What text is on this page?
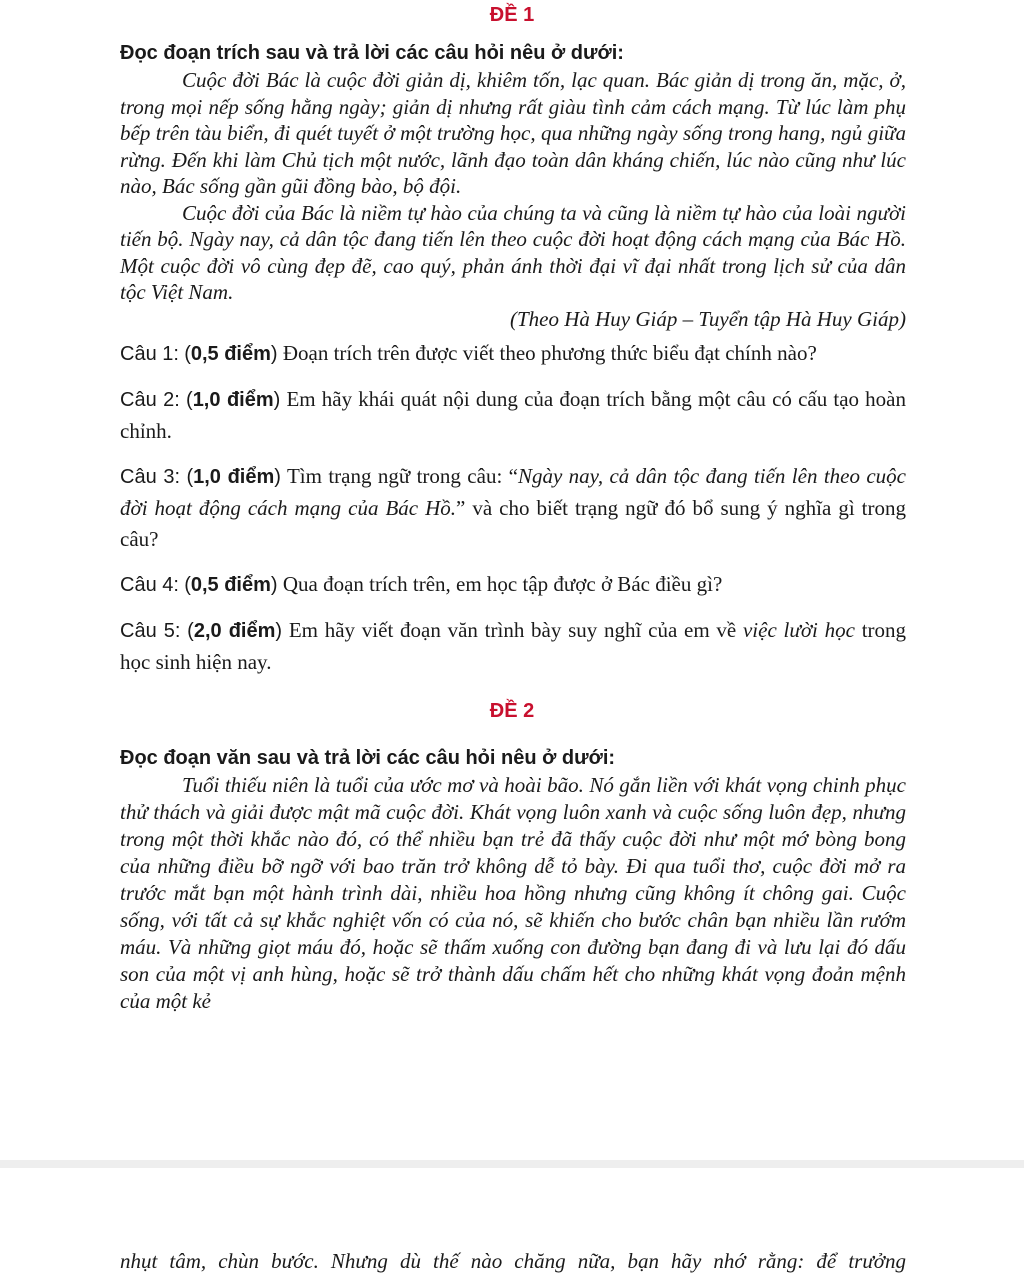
ĐỀ 1
Đọc đoạn trích sau và trả lời các câu hỏi nêu ở dưới:

Cuộc đời Bác là cuộc đời giản dị, khiêm tốn, lạc quan. Bác giản dị trong ăn, mặc, ở, trong mọi nếp sống hằng ngày; giản dị nhưng rất giàu tình cảm cách mạng. Từ lúc làm phụ bếp trên tàu biển, đi quét tuyết ở một trường học, qua những ngày sống trong hang, ngủ giữa rừng. Đến khi làm Chủ tịch một nước, lãnh đạo toàn dân kháng chiến, lúc nào cũng như lúc nào, Bác sống gần gũi đồng bào, bộ đội.

Cuộc đời của Bác là niềm tự hào của chúng ta và cũng là niềm tự hào của loài người tiến bộ. Ngày nay, cả dân tộc đang tiến lên theo cuộc đời hoạt động cách mạng của Bác Hồ. Một cuộc đời vô cùng đẹp đẽ, cao quý, phản ánh thời đại vĩ đại nhất trong lịch sử của dân tộc Việt Nam.

(Theo Hà Huy Giáp – Tuyển tập Hà Huy Giáp)

Câu 1: (0,5 điểm) Đoạn trích trên được viết theo phương thức biểu đạt chính nào?

Câu 2: (1,0 điểm) Em hãy khái quát nội dung của đoạn trích bằng một câu có cấu tạo hoàn chỉnh.

Câu 3: (1,0 điểm) Tìm trạng ngữ trong câu: “Ngày nay, cả dân tộc đang tiến lên theo cuộc đời hoạt động cách mạng của Bác Hồ.” và cho biết trạng ngữ đó bổ sung ý nghĩa gì trong câu?

Câu 4: (0,5 điểm) Qua đoạn trích trên, em học tập được ở Bác điều gì?

Câu 5: (2,0 điểm) Em hãy viết đoạn văn trình bày suy nghĩ của em về việc lười học trong học sinh hiện nay.

ĐỀ 2
Đọc đoạn văn sau và trả lời các câu hỏi nêu ở dưới:

Tuổi thiếu niên là tuổi của ước mơ và hoài bão. Nó gắn liền với khát vọng chinh phục thử thách và giải được mật mã cuộc đời. Khát vọng luôn xanh và cuộc sống luôn đẹp, nhưng trong một thời khắc nào đó, có thể nhiều bạn trẻ đã thấy cuộc đời như một mớ bòng bong của những điều bỡ ngỡ với bao trăn trở không dễ tỏ bày. Đi qua tuổi thơ, cuộc đời mở ra trước mắt bạn một hành trình dài, nhiều hoa hồng nhưng cũng không ít chông gai. Cuộc sống, với tất cả sự khắc nghiệt vốn có của nó, sẽ khiến cho bước chân bạn nhiều lần rướm máu. Và những giọt máu đó, hoặc sẽ thấm xuống con đường bạn đang đi và lưu lại đó dấu son của một vị anh hùng, hoặc sẽ trở thành dấu chấm hết cho những khát vọng đoản mệnh của một kẻ

nhụt tâm, chùn bước. Nhưng dù thế nào chăng nữa, bạn hãy nhớ rằng: để trưởng
